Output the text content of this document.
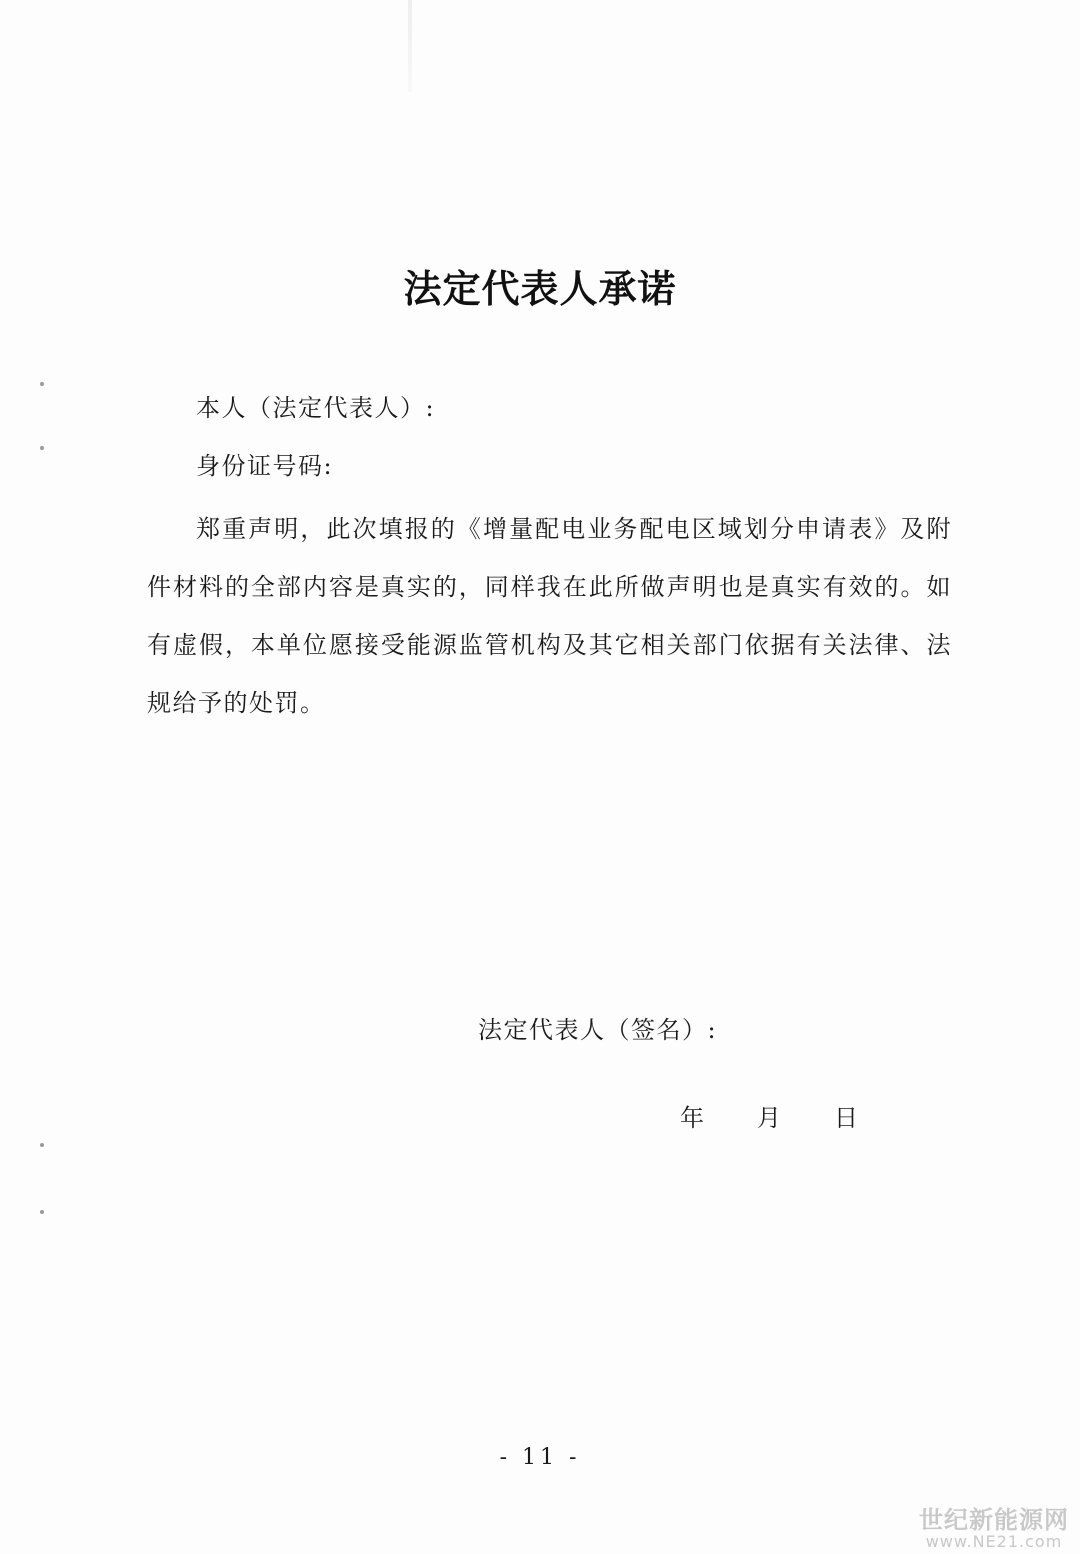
法定代表人承诺
本人（法定代表人）:
身份证号码:
郑重声明，此次填报的《增量配电业务配电区域划分申请表》及附件材料的全部内容是真实的，同样我在此所做声明也是真实有效的。如有虚假，本单位愿接受能源监管机构及其它相关部门依据有关法律、法规给予的处罚。
法定代表人（签名）:
年	月	日
- 11 -
世纪新能源网
www.NE21.com
